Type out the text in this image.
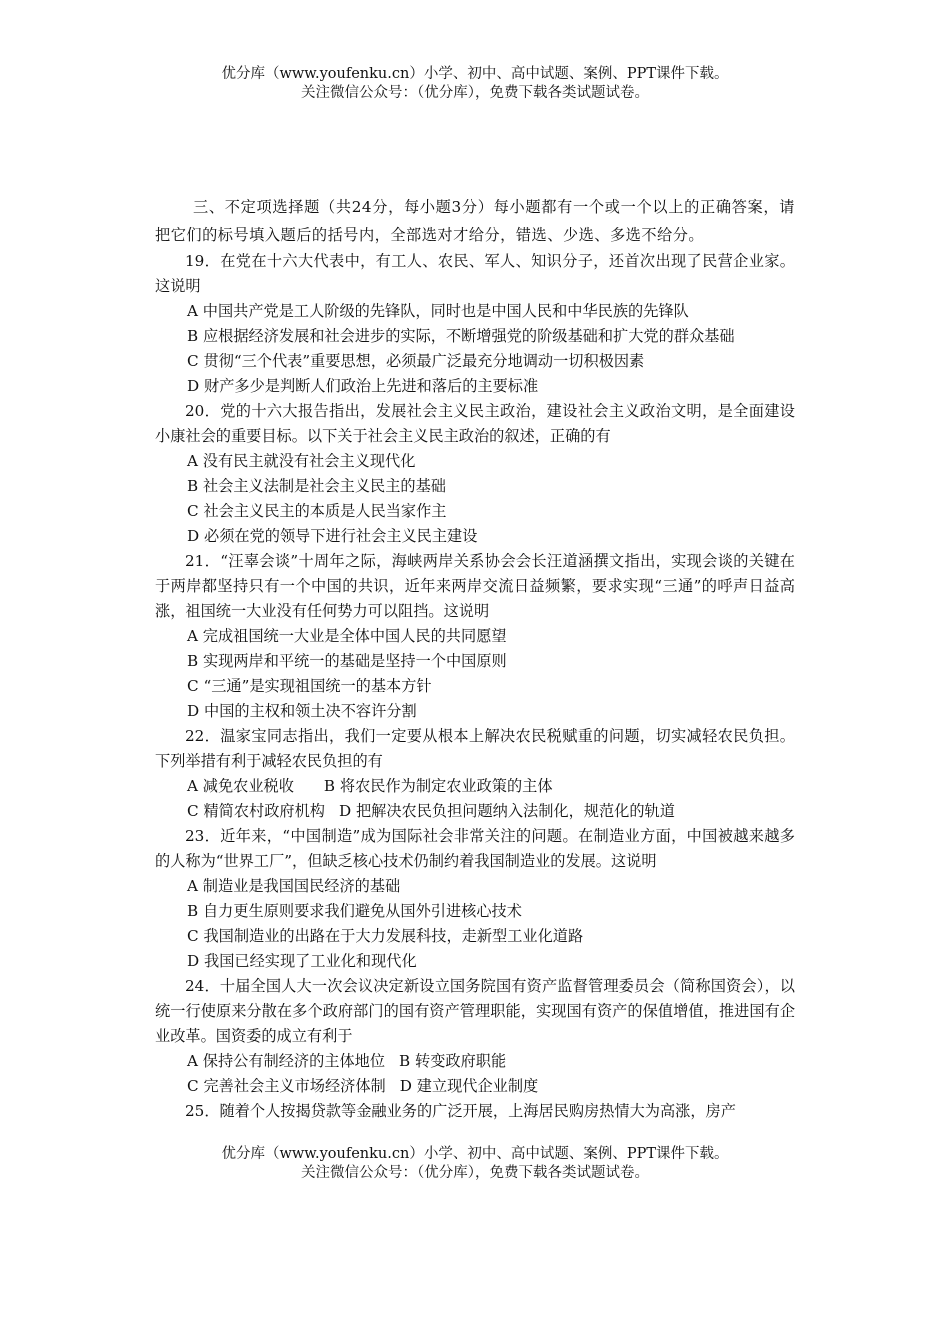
优分库（www.youfenku.cn）小学、初中、高中试题、案例、PPT课件下载。
关注微信公众号：（优分库），免费下载各类试题试卷。
三、不定项选择题（共24分，每小题3分）每小题都有一个或一个以上的正确答案，请把它们的标号填入题后的括号内，全部选对才给分，错选、少选、多选不给分。
19．在党在十六大代表中，有工人、农民、军人、知识分子，还首次出现了民营企业家。这说明
A 中国共产党是工人阶级的先锋队，同时也是中国人民和中华民族的先锋队
B 应根据经济发展和社会进步的实际，不断增强党的阶级基础和扩大党的群众基础
C 贯彻“三个代表”重要思想，必须最广泛最充分地调动一切积极因素
D 财产多少是判断人们政治上先进和落后的主要标准
20．党的十六大报告指出，发展社会主义民主政治，建设社会主义政治文明，是全面建设小康社会的重要目标。以下关于社会主义民主政治的叙述，正确的有
A 没有民主就没有社会主义现代化
B 社会主义法制是社会主义民主的基础
C 社会主义民主的本质是人民当家作主
D 必须在党的领导下进行社会主义民主建设
21．“汪辜会谈”十周年之际，海峡两岸关系协会会长汪道涵撰文指出，实现会谈的关键在于两岸都坚持只有一个中国的共识，近年来两岸交流日益频繁，要求实现“三通”的呼声日益高涨，祖国统一大业没有任何势力可以阻挡。这说明
A 完成祖国统一大业是全体中国人民的共同愿望
B 实现两岸和平统一的基础是坚持一个中国原则
C “三通”是实现祖国统一的基本方针
D 中国的主权和领土决不容许分割
22．温家宝同志指出，我们一定要从根本上解决农民税赋重的问题，切实减轻农民负担。下列举措有利于减轻农民负担的有
A 减免农业税收 B 将农民作为制定农业政策的主体
C 精简农村政府机构 D 把解决农民负担问题纳入法制化，规范化的轨道
23．近年来，“中国制造”成为国际社会非常关注的问题。在制造业方面，中国被越来越多的人称为“世界工厂”，但缺乏核心技术仍制约着我国制造业的发展。这说明
A 制造业是我国国民经济的基础
B 自力更生原则要求我们避免从国外引进核心技术
C 我国制造业的出路在于大力发展科技，走新型工业化道路
D 我国已经实现了工业化和现代化
24．十届全国人大一次会议决定新设立国务院国有资产监督管理委员会（简称国资会），以统一行使原来分散在多个政府部门的国有资产管理职能，实现国有资产的保值增值，推进国有企业改革。国资委的成立有利于
A 保持公有制经济的主体地位 B 转变政府职能
C 完善社会主义市场经济体制 D 建立现代企业制度
25．随着个人按揭贷款等金融业务的广泛开展，上海居民购房热情大为高涨，房产
优分库（www.youfenku.cn）小学、初中、高中试题、案例、PPT课件下载。
关注微信公众号：（优分库），免费下载各类试题试卷。
